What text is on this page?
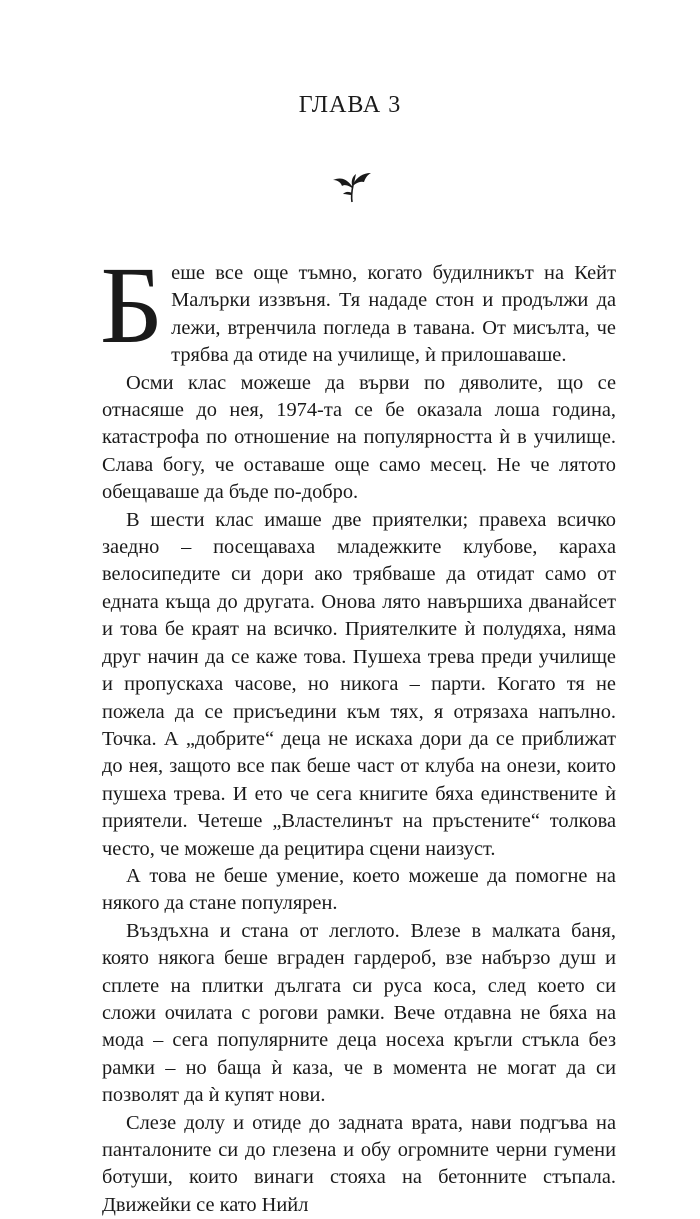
ГЛАВА 3

Беше все още тъмно, когато будилникът на Кейт Малърки иззвъня. Тя нададе стон и продължи да лежи, втренчила погледа в тавана. От мисълта, че трябва да отиде на училище, ѝ прилошаваше.

Осми клас можеше да върви по дяволите, що се отнасяше до нея, 1974-та се бе оказала лоша година, катастрофа по отношение на популярността ѝ в училище. Слава богу, че оставаше още само месец. Не че лятото обещаваше да бъде по-добро.

В шести клас имаше две приятелки; правеха всичко заедно – посещаваха младежките клубове, караха велосипедите си дори ако трябваше да отидат само от едната къща до другата. Онова лято навършиха дванайсет и това бе краят на всичко. Приятелките ѝ полудяха, няма друг начин да се каже това. Пушеха трева преди училище и пропускаха часове, но никога – парти. Когато тя не пожела да се присъедини към тях, я отрязаха напълно. Точка. А „добрите“ деца не искаха дори да се приближат до нея, защото все пак беше част от клуба на онези, които пушеха трева. И ето че сега книгите бяха единствените ѝ приятели. Четеше „Властелинът на пръстените“ толкова често, че можеше да рецитира сцени наизуст.

А това не беше умение, което можеше да помогне на някого да стане популярен.

Въздъхна и стана от леглото. Влезе в малката баня, която някога беше вграден гардероб, взе набързо душ и сплете на плитки дългата си руса коса, след което си сложи очилата с рогови рамки. Вече отдавна не бяха на мода – сега популярните деца носеха кръгли стъкла без рамки – но баща ѝ каза, че в момента не могат да си позволят да ѝ купят нови.

Слезе долу и отиде до задната врата, нави подгъва на панталоните си до глезена и обу огромните черни гумени ботуши, които винаги стояха на бетонните стъпала. Движейки се като Нийл
